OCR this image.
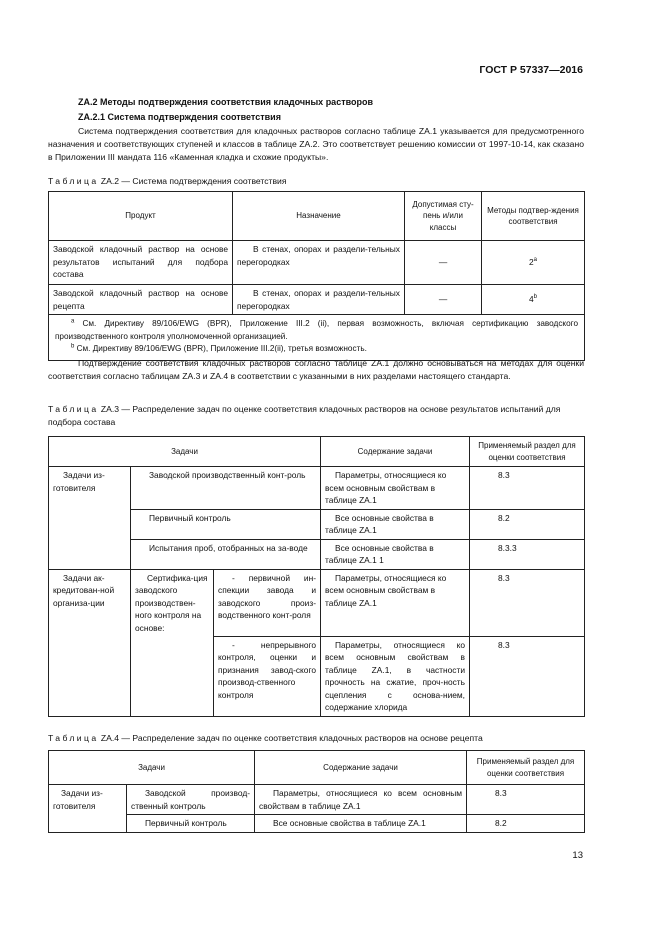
ГОСТ Р 57337—2016
ZA.2 Методы подтверждения соответствия кладочных растворов
ZA.2.1 Система подтверждения соответствия
Система подтверждения соответствия для кладочных растворов согласно таблице ZA.1 указывается для предусмотренного назначения и соответствующих ступеней и классов в таблице ZA.2. Это соответствует решению комиссии от 1997-10-14, как сказано в Приложении III мандата 116 «Каменная кладка и схожие продукты».
Таблица ZA.2 — Система подтверждения соответствия
Продукт	Назначение	Допустимая сту-пень и/или классы	Методы подтвер-ждения соответствия
Заводской кладочный раствор на основе результатов испытаний для подбора состава	В стенах, опорах и раздели-тельных перегородках	—	2$^a$
Заводской кладочный раствор на основе рецепта	В стенах, опорах и раздели-тельных перегородках	—	4$^b$

$^a$ См. Директиву 89/106/EWG (BPR), Приложение III.2 (ii), первая возможность, включая сертификацию заводского производственного контроля уполномоченной организацией.
$^b$ См. Директиву 89/106/EWG (BPR), Приложение III.2(ii), третья возможность.			
Подтверждение соответствия кладочных растворов согласно таблице ZA.1 должно основываться на методах для оценки соответствия согласно таблицам ZA.3 и ZA.4 в соответствии с указанными в них разделами настоящего стандарта.
Таблица ZA.3 — Распределение задач по оценке соответствия кладочных растворов на основе результатов испытаний для подбора состава
Задачи			Содержание задачи	Применяемый раздел для оценки соответствия
Задачи из-готовителя	Заводской производственный конт-роль		Параметры, относящиеся ко всем основным свойствам в таблице ZA.1	8.3
	Первичный контроль		Все основные свойства в таблице ZA.1	8.2
	Испытания проб, отобранных на за-воде		Все основные свойства в таблице ZA.1 1	8.3.3
Задачи ак-кредитован-ной организа-ции	Сертифика-ция заводского производствен-ного контроля на основе:	- первичной ин-спекции завода и заводского произ-водственного конт-роля	Параметры, относящиеся ко всем основным свойствам в таблице ZA.1	8.3
		- непрерывного контроля, оценки и признания завод-ского производ-ственного контроля	Параметры, относящиеся ко всем основным свойствам в таблице ZA.1, в частности прочность на сжатие, проч-ность сцепления с основа-нием, содержание хлорида	8.3
Таблица ZA.4 — Распределение задач по оценке соответствия кладочных растворов на основе рецепта
Задачи		Содержание задачи	Применяемый раздел для оценки соответствия
Задачи из-готовителя	Заводской производ-ственный контроль	Параметры, относящиеся ко всем основным свойствам в таблице ZA.1	8.3
	Первичный контроль	Все основные свойства в таблице ZA.1	8.2
13
